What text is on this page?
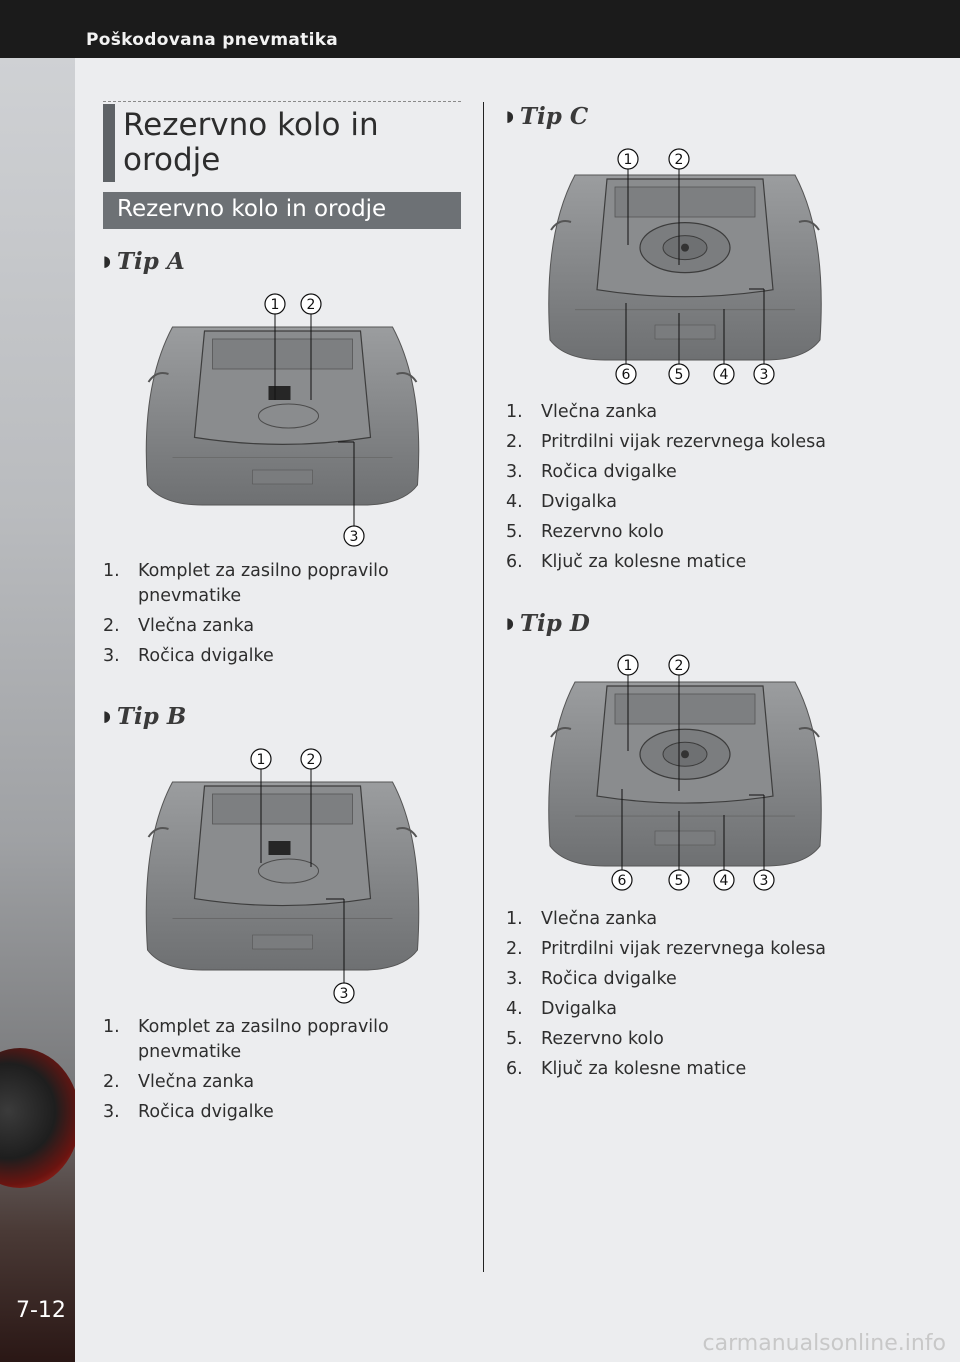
Poškodovana pnevmatika
7-12
Rezervno kolo in orodje
Rezervno kolo in orodje
◗ Tip A
1 2
3
1. Komplet za zasilno popravilo pnevmatike
2. Vlečna zanka
3. Ročica dvigalke
◗ Tip B
1	2
3
1. Komplet za zasilno popravilo pnevmatike
2. Vlečna zanka
3. Ročica dvigalke
◗ Tip C
1	2
6	5	4 3
1. Vlečna zanka
2. Pritrdilni vijak rezervnega kolesa
3. Ročica dvigalke
4. Dvigalka
5. Rezervno kolo
6. Ključ za kolesne matice
◗ Tip D
1	2
6	5	4 3
1. Vlečna zanka
2. Pritrdilni vijak rezervnega kolesa
3. Ročica dvigalke
4. Dvigalka
5. Rezervno kolo
6. Ključ za kolesne matice
carmanualsonline.info
